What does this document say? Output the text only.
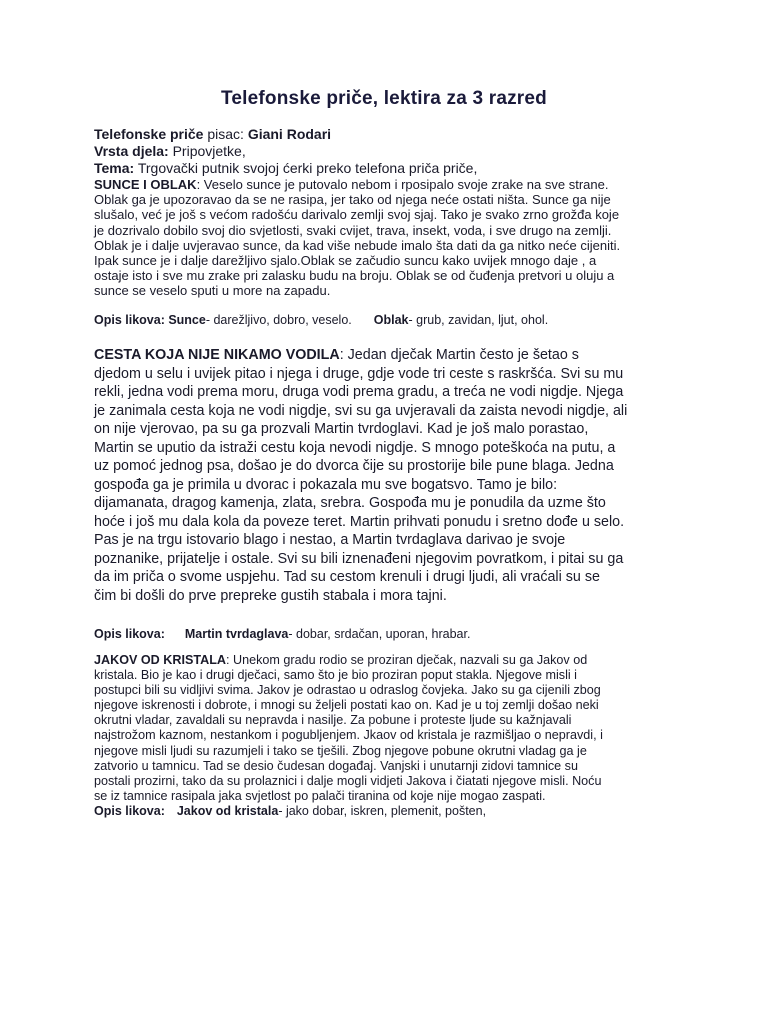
Telefonske priče, lektira za 3 razred
Telefonske priče pisac: Giani Rodari
Vrsta djela: Pripovjetke,
Tema: Trgovački putnik svojoj ćerki preko telefona priča priče,
SUNCE I OBLAK: Veselo sunce je putovalo nebom i rposipalo svoje zrake na sve strane.
Oblak ga je upozoravao da se ne rasipa, jer tako od njega neće ostati ništa. Sunce ga nije
slušalo, već je još s većom radošću darivalo zemlji svoj sjaj. Tako je svako zrno grožđa koje
je dozrivalo dobilo svoj dio svjetlosti, svaki cvijet, trava, insekt, voda, i sve drugo na zemlji.
Oblak je i dalje uvjeravao sunce, da kad više nebude imalo šta dati da ga nitko neće cijeniti.
Ipak sunce je i dalje darežljivo sjalo.Oblak se začudio suncu kako uvijek mnogo daje , a
ostaje isto i sve mu zrake pri zalasku budu na broju. Oblak se od čuđenja pretvori u oluju a
sunce se veselo sputi u more na zapadu.
Opis likova: Sunce- darežljivo, dobro, veselo. Oblak- grub, zavidan, ljut, ohol.
CESTA KOJA NIJE NIKAMO VODILA: Jedan dječak Martin često je šetao s
djedom u selu i uvijek pitao i njega i druge, gdje vode tri ceste s raskršća. Svi su mu
rekli, jedna vodi prema moru, druga vodi prema gradu, a treća ne vodi nigdje. Njega
je zanimala cesta koja ne vodi nigdje, svi su ga uvjeravali da zaista nevodi nigdje, ali
on nije vjerovao, pa su ga prozvali Martin tvrdoglavi. Kad je još malo porastao,
Martin se uputio da istraži cestu koja nevodi nigdje. S mnogo poteškoća na putu, a
uz pomoć jednog psa, došao je do dvorca čije su prostorije bile pune blaga. Jedna
gospođa ga je primila u dvorac i pokazala mu sve bogatsvo. Tamo je bilo:
dijamanata, dragog kamenja, zlata, srebra. Gospođa mu je ponudila da uzme što
hoće i još mu dala kola da poveze teret. Martin prihvati ponudu i sretno dođe u selo.
Pas je na trgu istovario blago i nestao, a Martin tvrdaglava darivao je svoje
poznanike, prijatelje i ostale. Svi su bili iznenađeni njegovim povratkom, i pitai su ga
da im priča o svome uspjehu. Tad su cestom krenuli i drugi ljudi, ali vraćali su se
čim bi došli do prve prepreke gustih stabala i mora tajni.
Opis likova: Martin tvrdaglava- dobar, srdačan, uporan, hrabar.
JAKOV OD KRISTALA: Unekom gradu rodio se proziran dječak, nazvali su ga Jakov od
kristala. Bio je kao i drugi dječaci, samo što je bio proziran poput stakla. Njegove misli i
postupci bili su vidljivi svima. Jakov je odrastao u odraslog čovjeka. Jako su ga cijenili zbog
njegove iskrenosti i dobrote, i mnogi su željeli postati kao on. Kad je u toj zemlji došao neki
okrutni vladar, zavaldali su nepravda i nasilje. Za pobune i proteste ljude su kažnjavali
najstrožom kaznom, nestankom i pogubljenjem. Jkaov od kristala je razmišljao o nepravdi, i
njegove misli ljudi su razumjeli i tako se tješili. Zbog njegove pobune okrutni vladag ga je
zatvorio u tamnicu. Tad se desio čudesan događaj. Vanjski i unutarnji zidovi tamnice su
postali prozirni, tako da su prolaznici i dalje mogli vidjeti Jakova i čiatati njegove misli. Noću
se iz tamnice rasipala jaka svjetlost po palači tiranina od koje nije mogao zaspati.
Opis likova: Jakov od kristala- jako dobar, iskren, plemenit, pošten,
